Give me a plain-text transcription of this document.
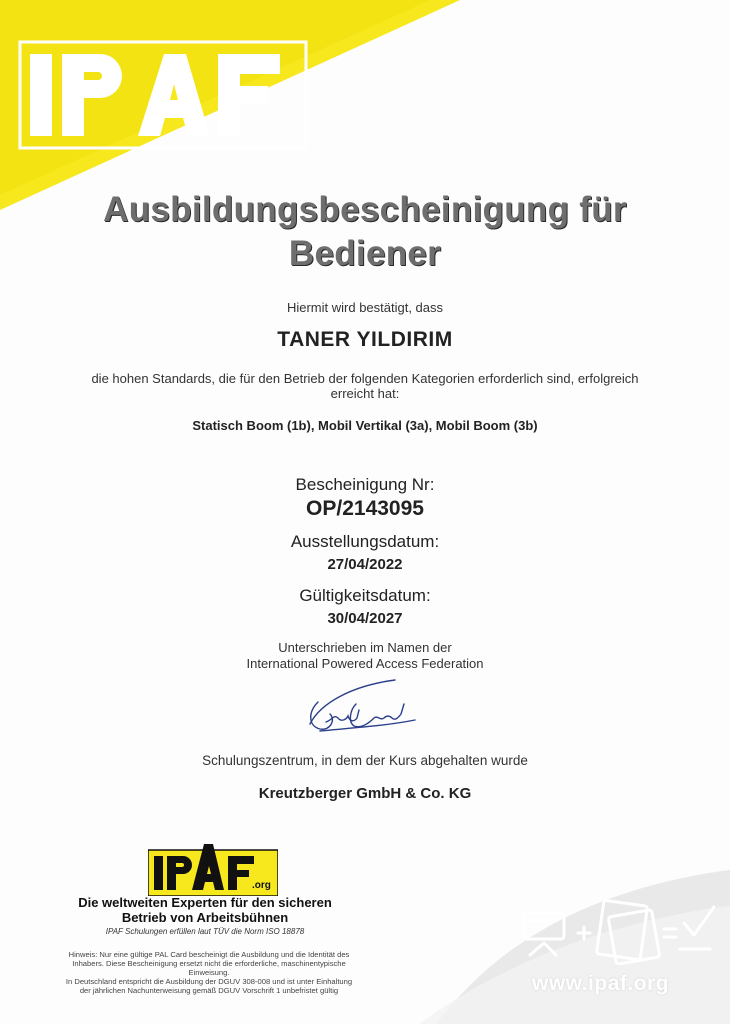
Ausbildungsbescheinigung für
Bediener
Hiermit wird bestätigt, dass
TANER YILDIRIM
die hohen Standards, die für den Betrieb der folgenden Kategorien erforderlich sind, erfolgreich erreicht hat:
Statisch Boom (1b), Mobil Vertikal (3a), Mobil Boom (3b)
Bescheinigung Nr:
OP/2143095
Ausstellungsdatum:
27/04/2022
Gültigkeitsdatum:
30/04/2027
Unterschrieben im Namen der
International Powered Access Federation
Schulungszentrum, in dem der Kurs abgehalten wurde
Kreutzberger GmbH & Co. KG
.org
Die weltweiten Experten für den sicheren
Betrieb von Arbeitsbühnen
IPAF Schulungen erfüllen laut TÜV die Norm ISO 18878
Hinweis: Nur eine gültige PAL Card bescheinigt die Ausbildung und die Identität des
Inhabers. Diese Bescheinigung ersetzt nicht die erforderliche, maschinentypische
Einweisung.
In Deutschland entspricht die Ausbildung der DGUV 308-008 und ist unter Einhaltung
der jährlichen Nachunterweisung gemäß DGUV Vorschrift 1 unbefristet gültig	www.ipaf.org
